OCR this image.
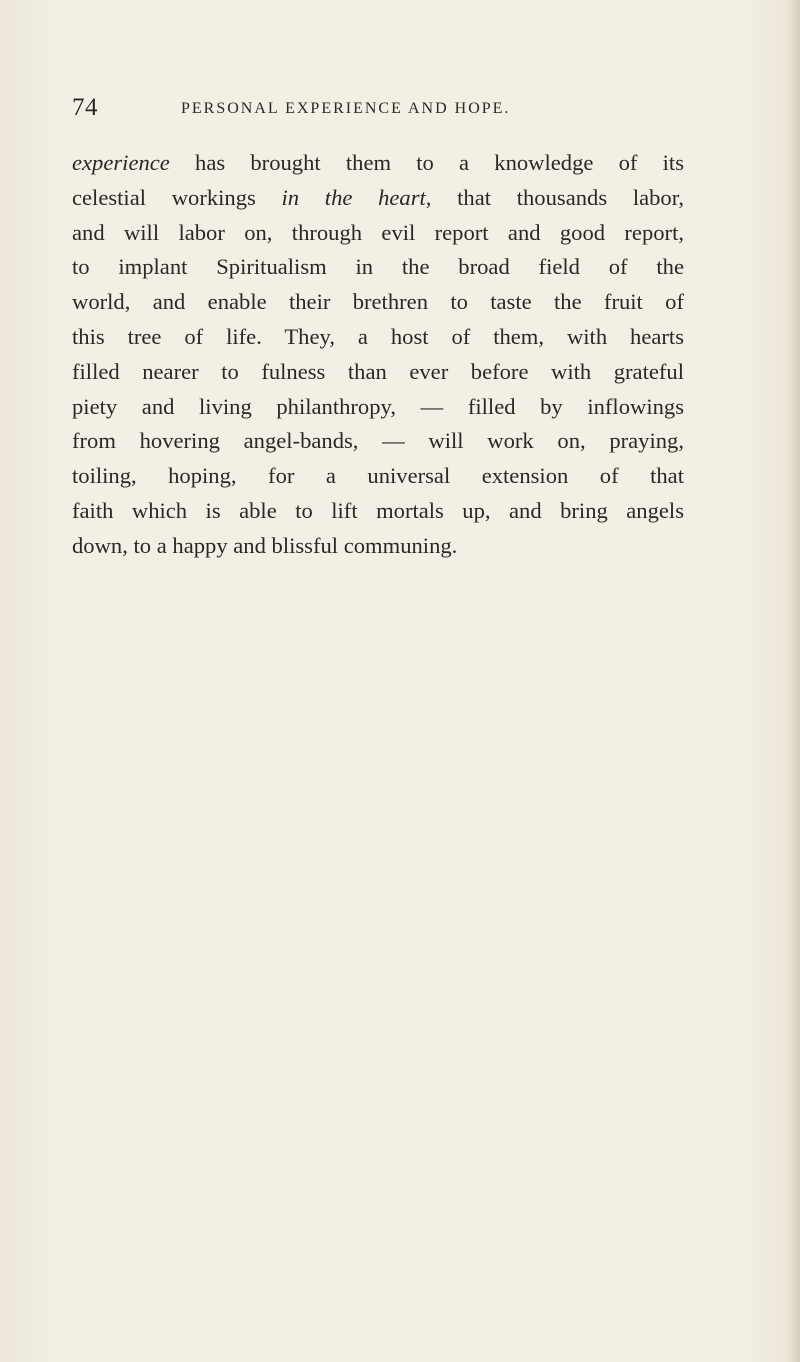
74	PERSONAL EXPERIENCE AND HOPE.
experience has brought them to a knowledge of its
celestial workings in the heart, that thousands labor,
and will labor on, through evil report and good report,
to implant Spiritualism in the broad field of the
world, and enable their brethren to taste the fruit of
this tree of life. They, a host of them, with hearts
filled nearer to fulness than ever before with grateful
piety and living philanthropy, — filled by inflowings
from hovering angel-bands, — will work on, praying,
toiling, hoping, for a universal extension of that
faith which is able to lift mortals up, and bring angels
down, to a happy and blissful communing.
